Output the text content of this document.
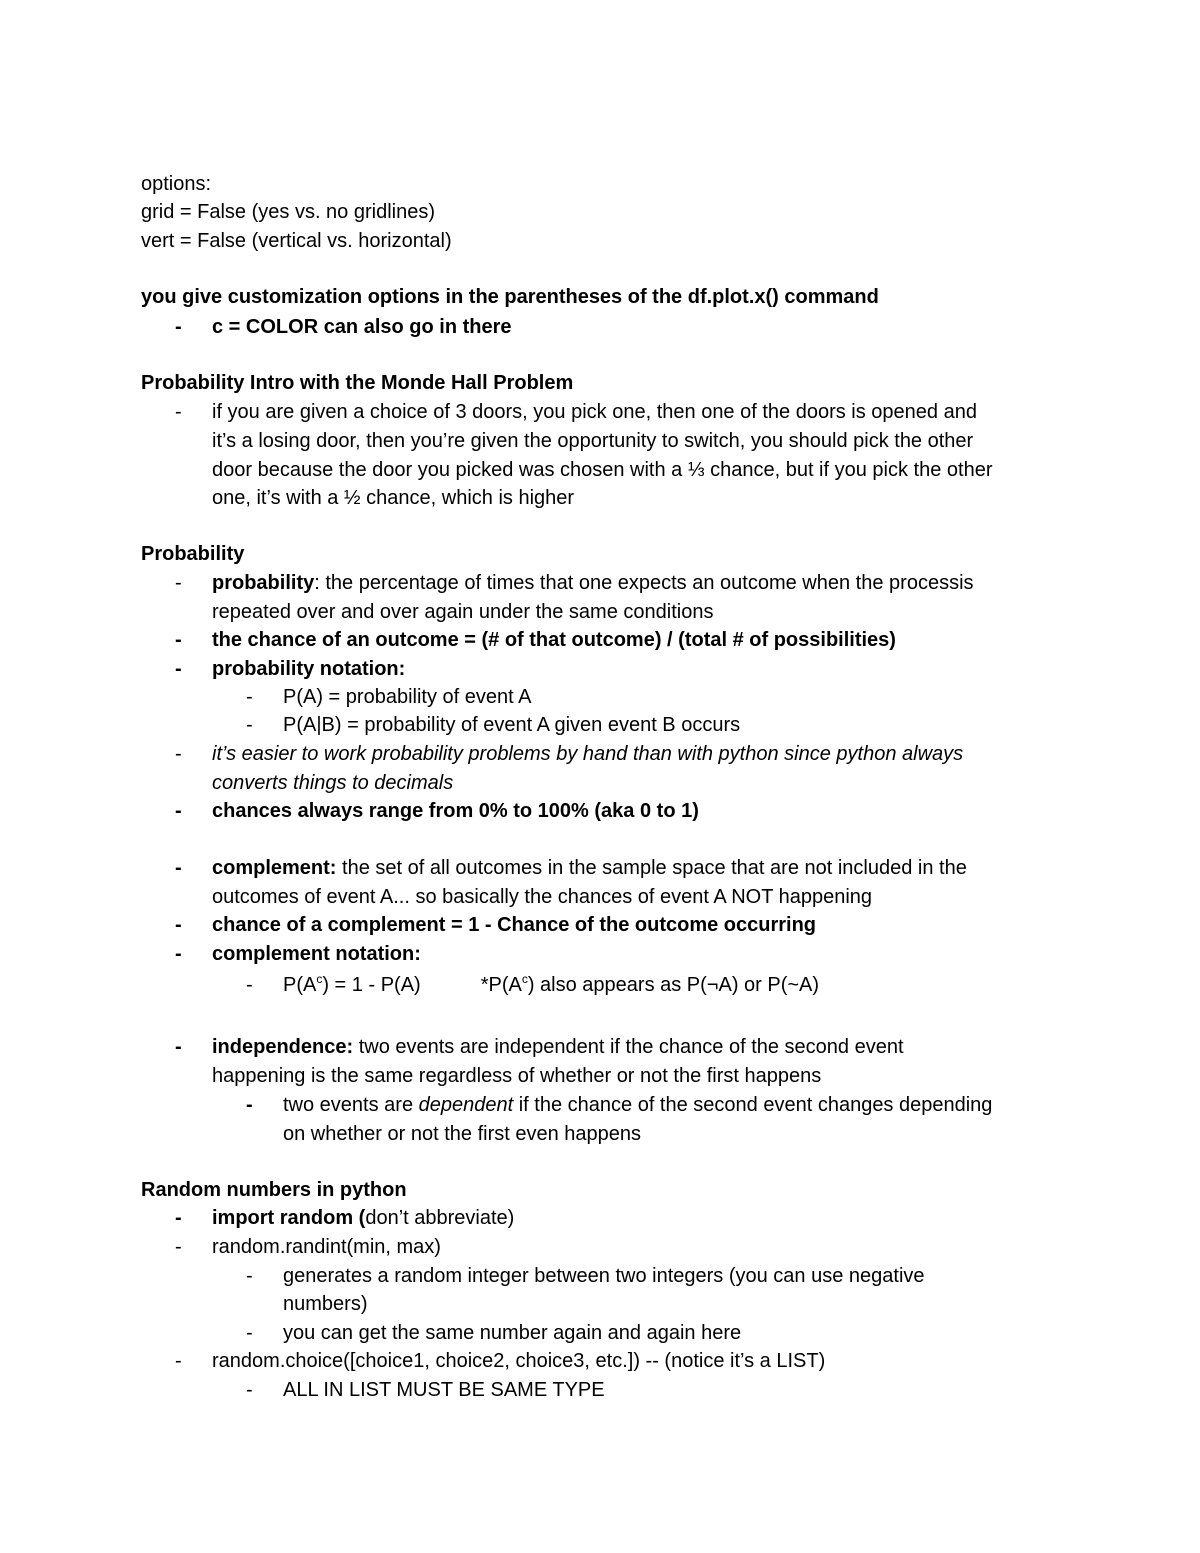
options:
grid = False (yes vs. no gridlines)
vert = False (vertical vs. horizontal)
you give customization options in the parentheses of the df.plot.x() command
- c = COLOR can also go in there
Probability Intro with the Monde Hall Problem
- if you are given a choice of 3 doors, you pick one, then one of the doors is opened and
it’s a losing door, then you’re given the opportunity to switch, you should pick the other
door because the door you picked was chosen with a ⅓ chance, but if you pick the other
one, it’s with a ½ chance, which is higher
Probability
- probability: the percentage of times that one expects an outcome when the processis
repeated over and over again under the same conditions
- the chance of an outcome = (# of that outcome) / (total # of possibilities)
- probability notation:
- P(A) = probability of event A
- P(A|B) = probability of event A given event B occurs
- it’s easier to work probability problems by hand than with python since python always
converts things to decimals
- chances always range from 0% to 100% (aka 0 to 1)
- complement: the set of all outcomes in the sample space that are not included in the
outcomes of event A... so basically the chances of event A NOT happening
- chance of a complement = 1 - Chance of the outcome occurring
- complement notation:
- $P(A^c) = 1 - P(A)$	$*P(A^c)$ also appears as P(¬A) or P(~A)
- independence: two events are independent if the chance of the second event
happening is the same regardless of whether or not the first happens
- two events are dependent if the chance of the second event changes depending
on whether or not the first even happens
Random numbers in python
- import random (don’t abbreviate)
- random.randint(min, max)
- generates a random integer between two integers (you can use negative
numbers)
- you can get the same number again and again here
- random.choice([choice1, choice2, choice3, etc.]) -- (notice it’s a LIST)
- ALL IN LIST MUST BE SAME TYPE
